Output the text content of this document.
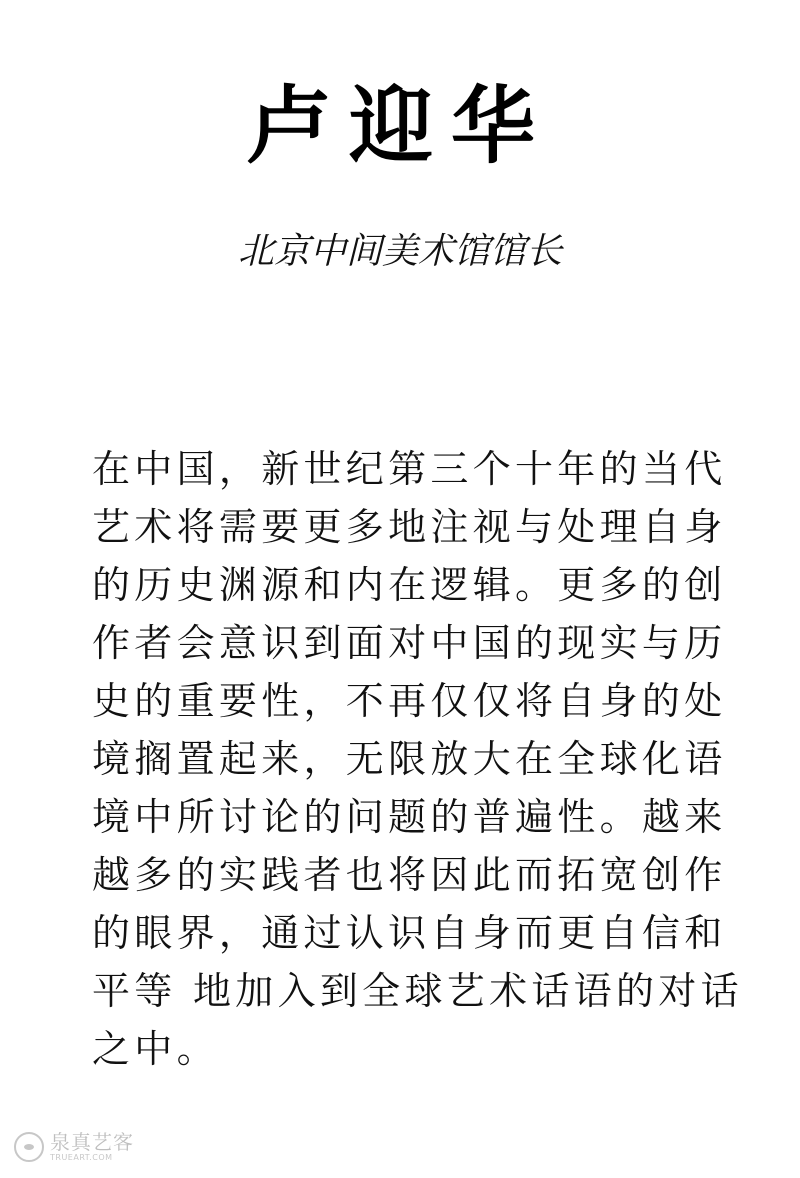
卢迎华
北京中间美术馆馆长
在中国，新世纪第三个十年的当代
艺术将需要更多地注视与处理自身
的历史渊源和内在逻辑。更多的创
作者会意识到面对中国的现实与历
史的重要性，不再仅仅将自身的处
境搁置起来，无限放大在全球化语
境中所讨论的问题的普遍性。越来
越多的实践者也将因此而拓宽创作
的眼界，通过认识自身而更自信和
平等 地加入到全球艺术话语的对话
之中。
泉真艺客
TRUEART.COM
